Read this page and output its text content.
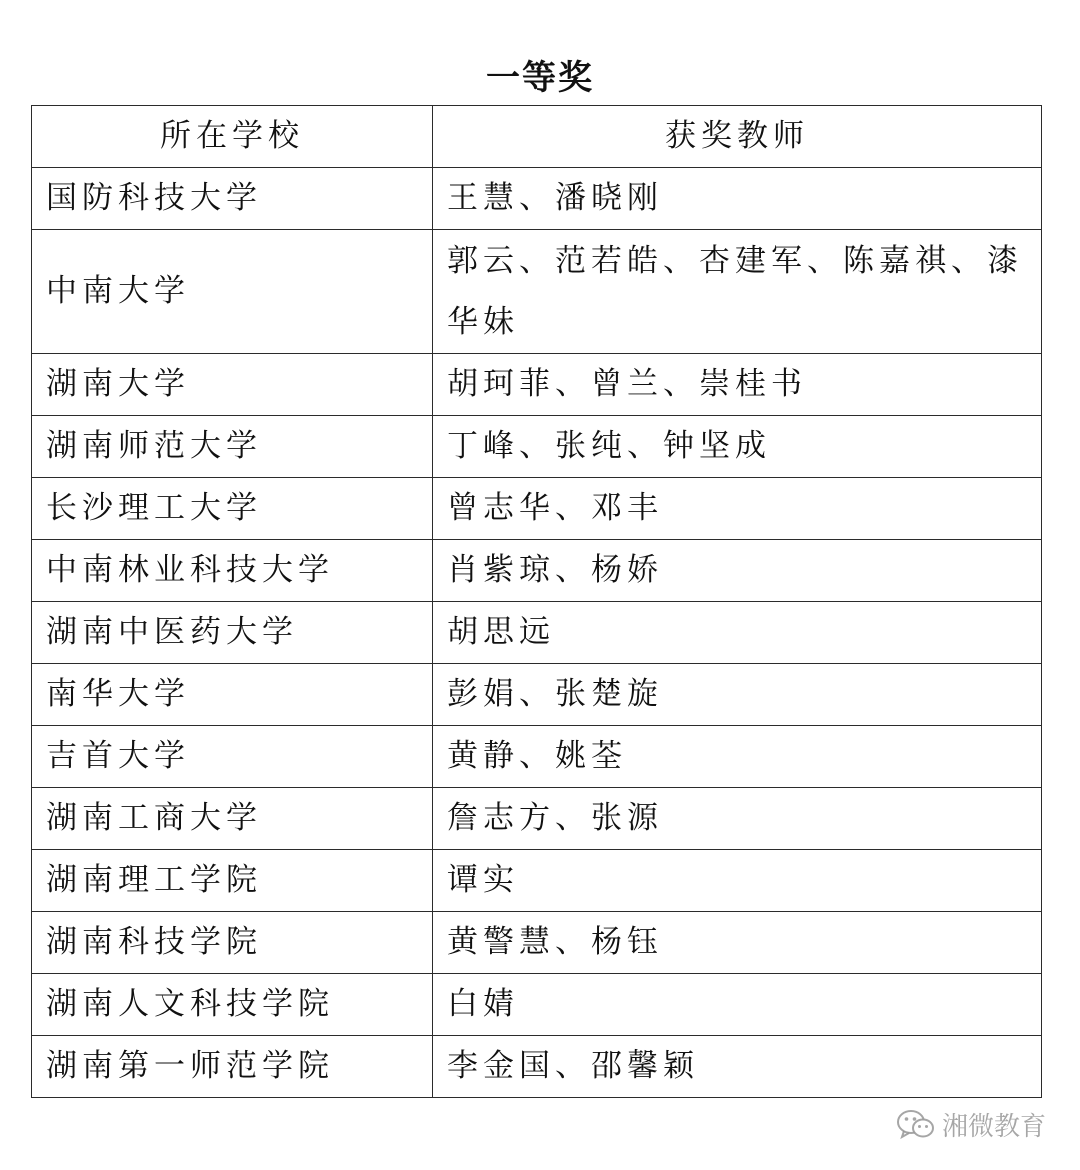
一等奖
所在学校	获奖教师
国防科技大学	王慧、潘晓刚
中南大学	郭云、范若皓、杏建军、陈嘉祺、漆华妹

湖南大学	胡珂菲、曾兰、崇桂书
湖南师范大学	丁峰、张纯、钟坚成
长沙理工大学	曾志华、邓丰
中南林业科技大学	肖紫琼、杨娇
湖南中医药大学	胡思远
南华大学	彭娟、张楚旋
吉首大学	黄静、姚荃
湖南工商大学	詹志方、张源
湖南理工学院	谭实
湖南科技学院	黄警慧、杨钰
湖南人文科技学院	白婧
湖南第一师范学院	李金国、邵馨颖
湘微教育
